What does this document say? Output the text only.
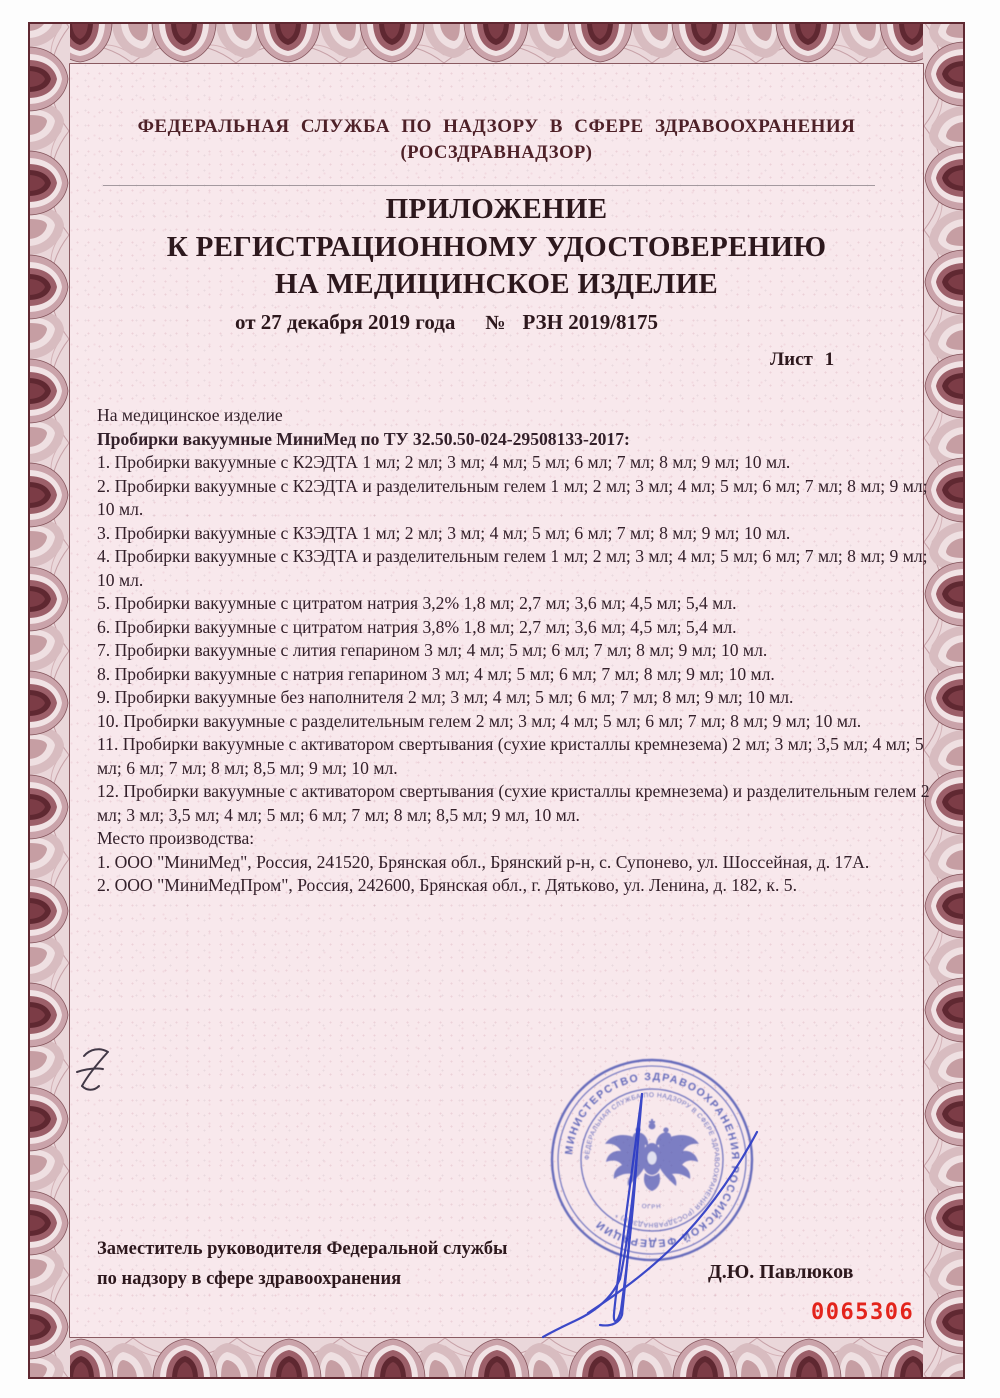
ФЕДЕРАЛЬНАЯ СЛУЖБА ПО НАДЗОРУ В СФЕРЕ ЗДРАВООХРАНЕНИЯ
(РОСЗДРАВНАДЗОР)
ПРИЛОЖЕНИЕ
К РЕГИСТРАЦИОННОМУ УДОСТОВЕРЕНИЮ
НА МЕДИЦИНСКОЕ ИЗДЕЛИЕ
от 27 декабря 2019 года № РЗН 2019/8175
Лист 1

На медицинское изделие

Пробирки вакуумные МиниМед по ТУ 32.50.50-024-29508133-2017:

1. Пробирки вакуумные с К2ЭДТА 1 мл; 2 мл; 3 мл; 4 мл; 5 мл; 6 мл; 7 мл; 8 мл; 9 мл; 10 мл.

2. Пробирки вакуумные с К2ЭДТА и разделительным гелем 1 мл; 2 мл; 3 мл; 4 мл; 5 мл; 6 мл; 7 мл; 8 мл; 9 мл; 10 мл.

3. Пробирки вакуумные с КЗЭДТА 1 мл; 2 мл; 3 мл; 4 мл; 5 мл; 6 мл; 7 мл; 8 мл; 9 мл; 10 мл.

4. Пробирки вакуумные с КЗЭДТА и разделительным гелем 1 мл; 2 мл; 3 мл; 4 мл; 5 мл; 6 мл; 7 мл; 8 мл; 9 мл; 10 мл.

5. Пробирки вакуумные с цитратом натрия 3,2% 1,8 мл; 2,7 мл; 3,6 мл; 4,5 мл; 5,4 мл.

6. Пробирки вакуумные с цитратом натрия 3,8% 1,8 мл; 2,7 мл; 3,6 мл; 4,5 мл; 5,4 мл.

7. Пробирки вакуумные с лития гепарином 3 мл; 4 мл; 5 мл; 6 мл; 7 мл; 8 мл; 9 мл; 10 мл.

8. Пробирки вакуумные с натрия гепарином 3 мл; 4 мл; 5 мл; 6 мл; 7 мл; 8 мл; 9 мл; 10 мл.

9. Пробирки вакуумные без наполнителя 2 мл; 3 мл; 4 мл; 5 мл; 6 мл; 7 мл; 8 мл; 9 мл; 10 мл.

10. Пробирки вакуумные с разделительным гелем 2 мл; 3 мл; 4 мл; 5 мл; 6 мл; 7 мл; 8 мл; 9 мл; 10 мл.

11. Пробирки вакуумные с активатором свертывания (сухие кристаллы кремнезема) 2 мл; 3 мл; 3,5 мл; 4 мл; 5 мл; 6 мл; 7 мл; 8 мл; 8,5 мл; 9 мл; 10 мл.

12. Пробирки вакуумные с активатором свертывания (сухие кристаллы кремнезема) и разделительным гелем 2 мл; 3 мл; 3,5 мл; 4 мл; 5 мл; 6 мл; 7 мл; 8 мл; 8,5 мл; 9 мл, 10 мл.

Место производства:

1. ООО "МиниМед", Россия, 241520, Брянская обл., Брянский р-н, с. Супонево, ул. Шоссейная, д. 17А.

2. ООО "МиниМедПром", Россия, 242600, Брянская обл., г. Дятьково, ул. Ленина, д. 182, к. 5.

Заместитель руководителя Федеральной службы
по надзору в сфере здравоохранения	Д.Ю. Павлюков
0065306
МИНИСТЕРСТВО ЗДРАВООХРАНЕНИЯ РОССИЙСКОЙ ФЕДЕРАЦИИ
ФЕДЕРАЛЬНАЯ СЛУЖБА ПО НАДЗОРУ В СФЕРЕ ЗДРАВООХРАНЕНИЯ (РОСЗДРАВНАДЗОР) *
ОГРН
